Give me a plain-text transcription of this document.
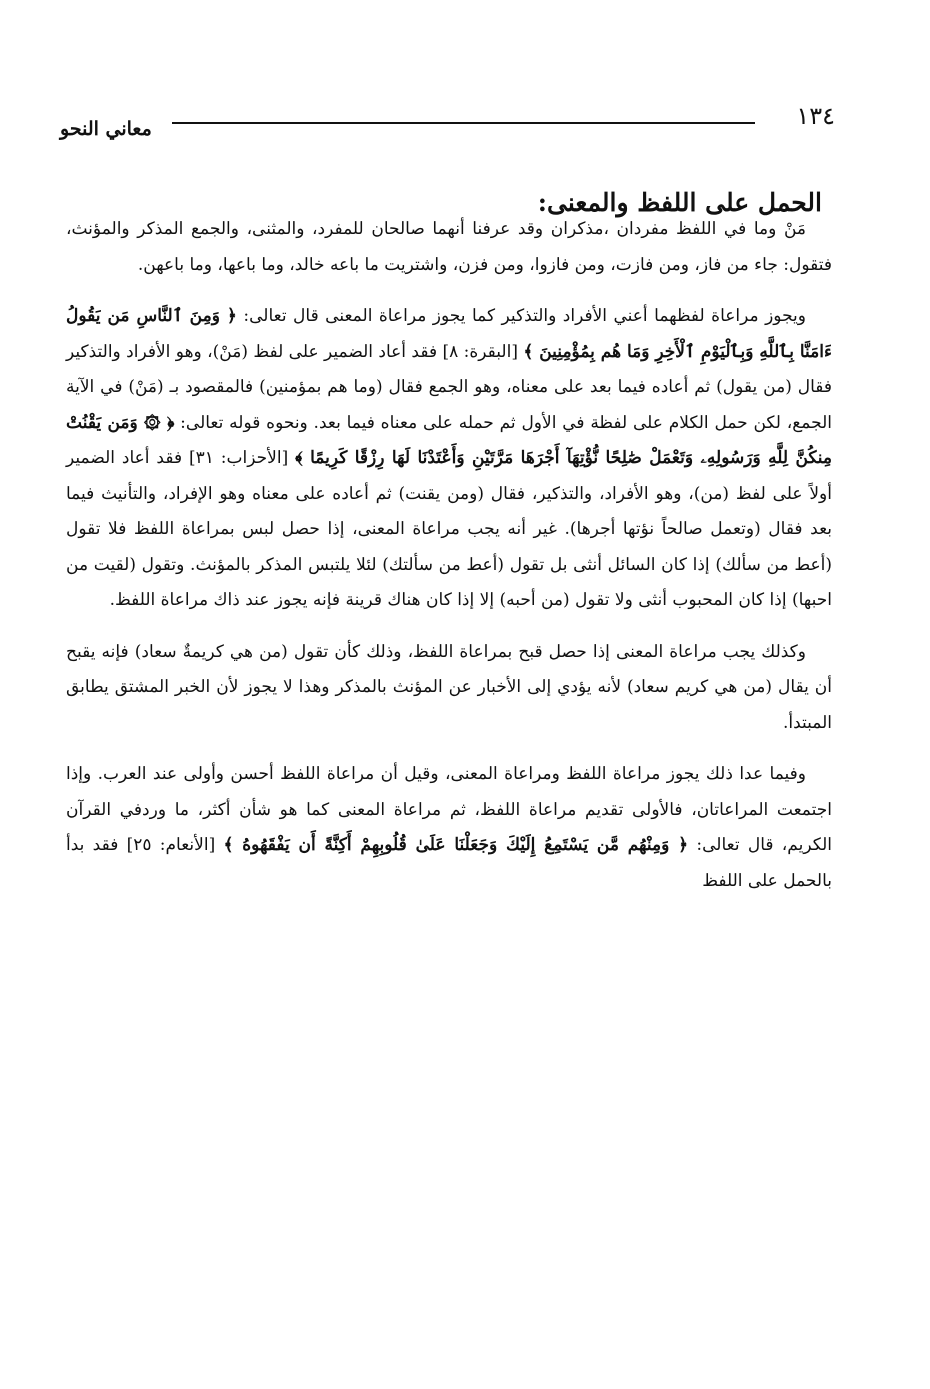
١٣٤
معاني النحو
الحمل على اللفظ والمعنى:

مَنْ وما في اللفظ مفردان ،مذكران وقد عرفنا أنهما صالحان للمفرد، والمثنى، والجمع المذكر والمؤنث، فتقول: جاء من فاز، ومن فازت، ومن فازوا، ومن فزن، واشتريت ما باعه خالد، وما باعها، وما باعهن.

ويجوز مراعاة لفظهما أعني الأفراد والتذكير كما يجوز مراعاة المعنى قال تعالى: ﴿ وَمِنَ ٱلنَّاسِ مَن يَقُولُ ءَامَنَّا بِٱللَّهِ وَبِٱلْيَوْمِ ٱلْأَخِرِ وَمَا هُم بِمُؤْمِنِينَ ﴾ [البقرة: ٨] فقد أعاد الضمير على لفظ (مَنْ)، وهو الأفراد والتذكير فقال (من يقول) ثم أعاده فيما بعد على معناه، وهو الجمع فقال (وما هم بمؤمنين) فالمقصود بـ (مَنْ) في الآية الجمع، لكن حمل الكلام على لفظة في الأول ثم حمله على معناه فيما بعد. ونحوه قوله تعالى: ﴿ ۞ وَمَن يَقْنُتْ مِنكُنَّ لِلَّهِ وَرَسُولِهِۦ وَتَعْمَلْ صَٰلِحًا نُّؤْتِهَآ أَجْرَهَا مَرَّتَيْنِ وَأَعْتَدْنَا لَهَا رِزْقًا كَرِيمًا ﴾ [الأحزاب: ٣١] فقد أعاد الضمير أولاً على لفظ (من)، وهو الأفراد، والتذكير، فقال (ومن يقنت) ثم أعاده على معناه وهو الإفراد، والتأنيث فيما بعد فقال (وتعمل صالحاً نؤتها أجرها). غير أنه يجب مراعاة المعنى، إذا حصل لبس بمراعاة اللفظ فلا تقول (أعط من سألك) إذا كان السائل أنثى بل تقول (أعط من سألتك) لئلا يلتبس المذكر بالمؤنث. وتقول (لقيت من احبها) إذا كان المحبوب أنثى ولا تقول (من أحبه) إلا إذا كان هناك قرينة فإنه يجوز عند ذاك مراعاة اللفظ.

وكذلك يجب مراعاة المعنى إذا حصل قبح بمراعاة اللفظ، وذلك كأن تقول (من هي كريمةٌ سعاد) فإنه يقبح أن يقال (من هي كريم سعاد) لأنه يؤدي إلى الأخبار عن المؤنث بالمذكر وهذا لا يجوز لأن الخبر المشتق يطابق المبتدأ.

وفيما عدا ذلك يجوز مراعاة اللفظ ومراعاة المعنى، وقيل أن مراعاة اللفظ أحسن وأولى عند العرب. وإذا اجتمعت المراعاتان، فالأولى تقديم مراعاة اللفظ، ثم مراعاة المعنى كما هو شأن أكثر، ما وردفي القرآن الكريم، قال تعالى: ﴿ وَمِنْهُم مَّن يَسْتَمِعُ إِلَيْكَ وَجَعَلْنَا عَلَىٰ قُلُوبِهِمْ أَكِنَّةً أَن يَفْقَهُوهُ ﴾ [الأنعام: ٢٥] فقد بدأ بالحمل على اللفظ
